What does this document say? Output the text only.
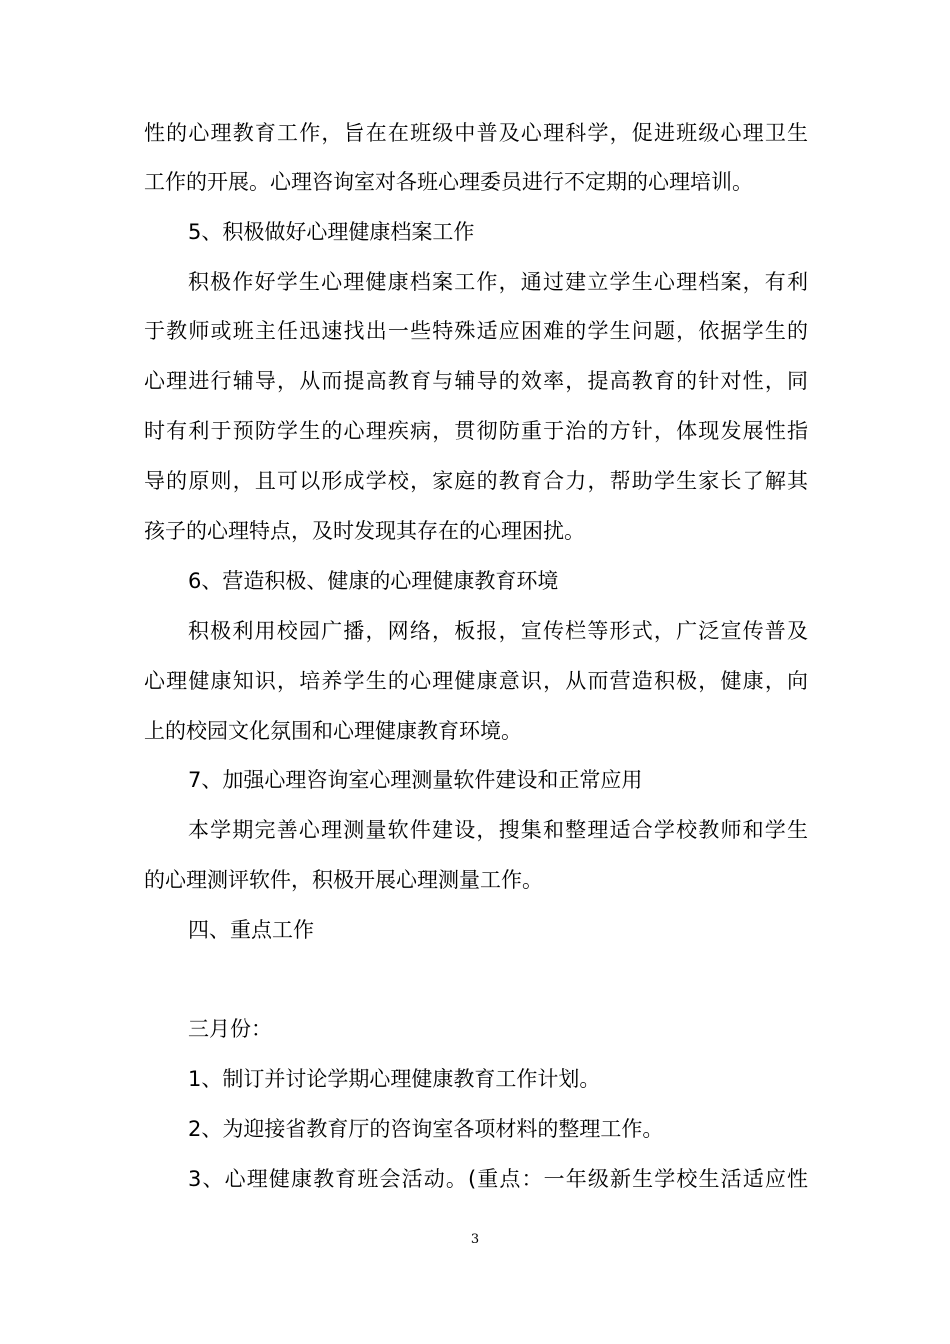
性的心理教育工作，旨在在班级中普及心理科学，促进班级心理卫生
工作的开展。心理咨询室对各班心理委员进行不定期的心理培训。
5、积极做好心理健康档案工作
积极作好学生心理健康档案工作，通过建立学生心理档案，有利
于教师或班主任迅速找出一些特殊适应困难的学生问题，依据学生的
心理进行辅导，从而提高教育与辅导的效率，提高教育的针对性，同
时有利于预防学生的心理疾病，贯彻防重于治的方针，体现发展性指
导的原则，且可以形成学校，家庭的教育合力，帮助学生家长了解其
孩子的心理特点，及时发现其存在的心理困扰。
6、营造积极、健康的心理健康教育环境
积极利用校园广播，网络，板报，宣传栏等形式，广泛宣传普及
心理健康知识，培养学生的心理健康意识，从而营造积极，健康，向
上的校园文化氛围和心理健康教育环境。
7、加强心理咨询室心理测量软件建设和正常应用
本学期完善心理测量软件建设，搜集和整理适合学校教师和学生
的心理测评软件，积极开展心理测量工作。
四、重点工作
三月份：
1、制订并讨论学期心理健康教育工作计划。
2、为迎接省教育厅的咨询室各项材料的整理工作。
3、心理健康教育班会活动。(重点：一年级新生学校生活适应性
3
